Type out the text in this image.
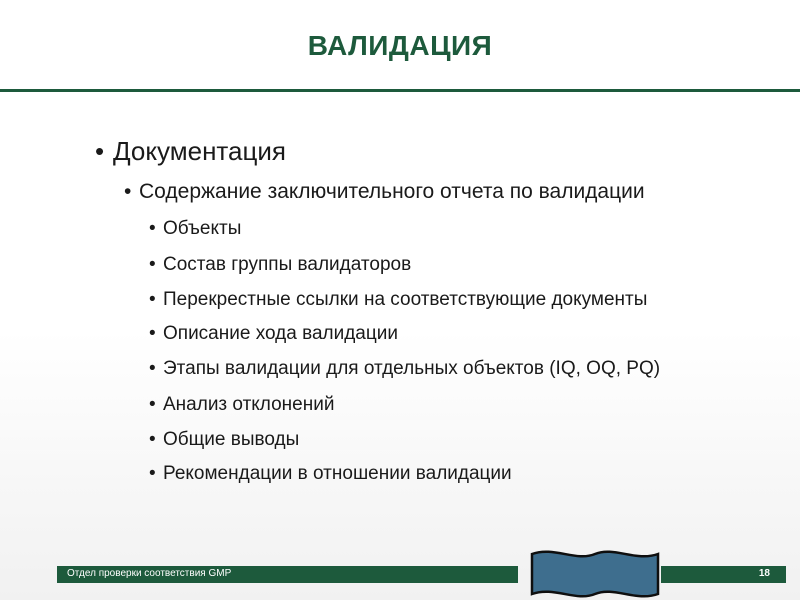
ВАЛИДАЦИЯ
• Документация
• Содержание заключительного отчета по валидации
• Объекты
• Состав группы валидаторов
• Перекрестные ссылки на соответствующие документы
• Описание хода валидации
• Этапы валидации для отдельных объектов (IQ, OQ, PQ)
• Анализ отклонений
• Общие выводы
• Рекомендации в отношении валидации
Отдел проверки соответствия GMP	18
